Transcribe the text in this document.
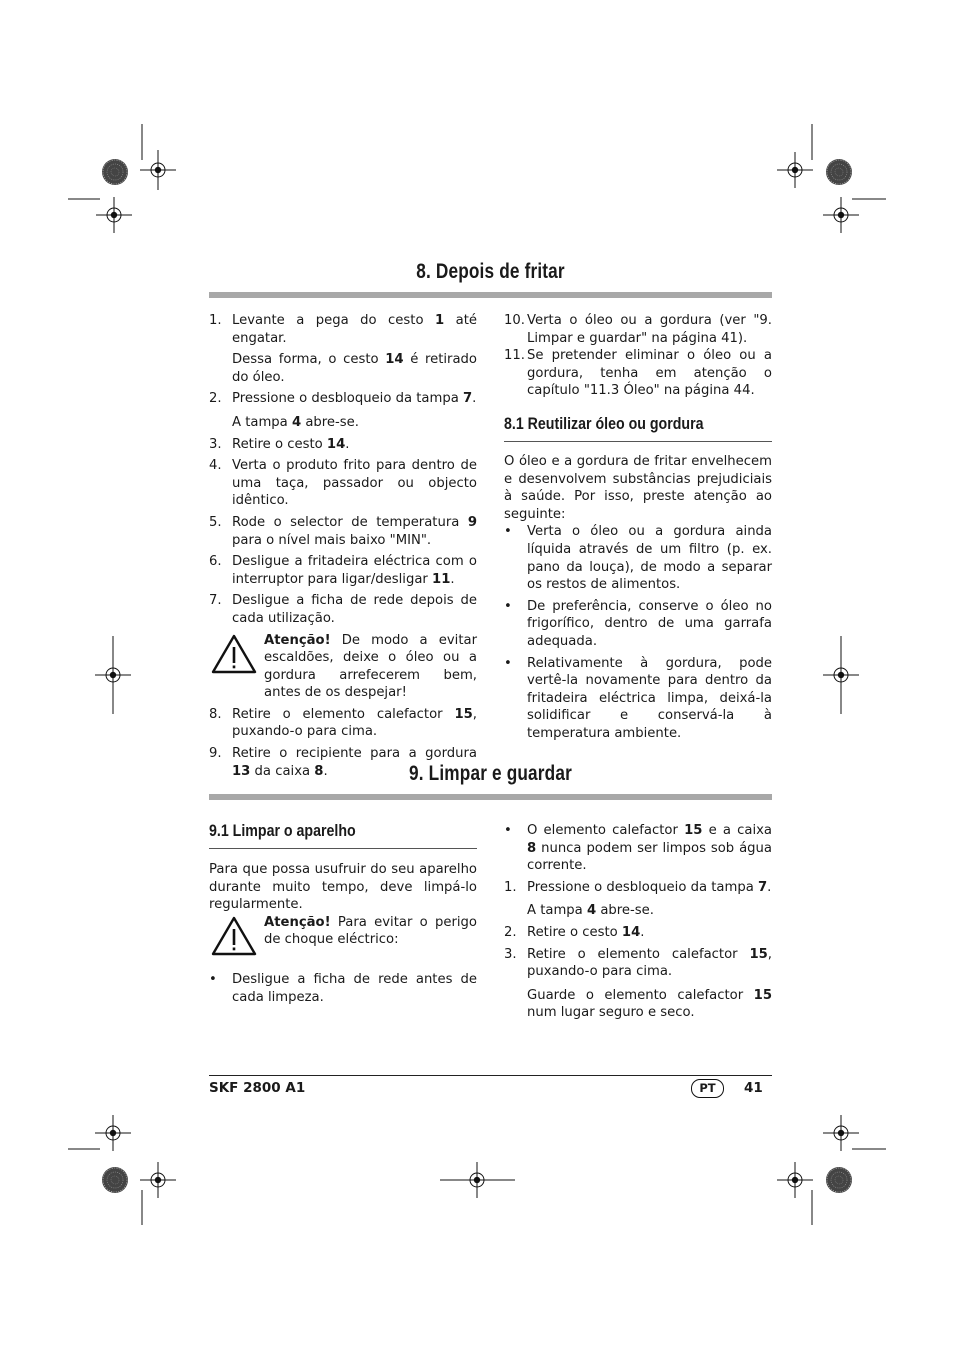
8. Depois de fritar
1. Levante a pega do cesto 1 até engatar.
Dessa forma, o cesto 14 é retirado do óleo.
2. Pressione o desbloqueio da tampa 7.
A tampa 4 abre-se.
3. Retire o cesto 14.
4. Verta o produto frito para dentro de uma taça, passador ou objecto idêntico.
5. Rode o selector de temperatura 9 para o nível mais baixo "MIN".
6. Desligue a fritadeira eléctrica com o interruptor para ligar/desligar 11.
7. Desligue a ficha de rede depois de cada utilização.
Atenção! De modo a evitar escaldões, deixe o óleo ou a gordura arrefecerem bem, antes de os despejar!
8. Retire o elemento calefactor 15, puxando-o para cima.
9. Retire o recipiente para a gordura 13 da caixa 8.
10. Verta o óleo ou a gordura (ver "9. Limpar e guardar" na página 41).
11. Se pretender eliminar o óleo ou a gordura, tenha em atenção o capítulo "11.3 Óleo" na página 44.
8.1 Reutilizar óleo ou gordura
O óleo e a gordura de fritar envelhecem e desenvolvem substâncias prejudiciais à saúde. Por isso, preste atenção ao seguinte:
•	Verta o óleo ou a gordura ainda líquida através de um filtro (p. ex. pano da louça), de modo a separar os restos de alimentos.
•	De preferência, conserve o óleo no frigorífico, dentro de uma garrafa adequada.
•	Relativamente à gordura, pode vertê-la novamente para dentro da fritadeira eléctrica limpa, deixá-la solidificar e conservá-la à temperatura ambiente.
9. Limpar e guardar
9.1 Limpar o aparelho
Para que possa usufruir do seu aparelho durante muito tempo, deve limpá-lo regularmente.
Atenção! Para evitar o perigo de choque eléctrico:
•	Desligue a ficha de rede antes de cada limpeza.
•	O elemento calefactor 15 e a caixa 8 nunca podem ser limpos sob água corrente.
1. Pressione o desbloqueio da tampa 7.
A tampa 4 abre-se.
2. Retire o cesto 14.
3. Retire o elemento calefactor 15, puxando-o para cima.
Guarde o elemento calefactor 15 num lugar seguro e seco.
SKF 2800 A1	PT	41
